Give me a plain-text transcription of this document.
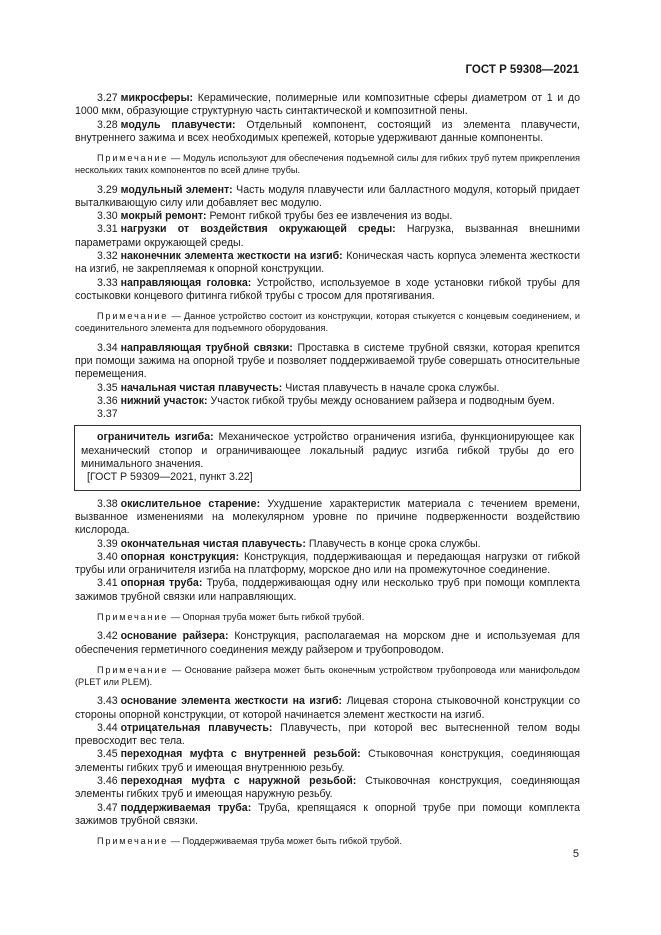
ГОСТ Р 59308—2021

3.27 микросферы: Керамические, полимерные или композитные сферы диаметром от 1 и до 1000 мкм, образующие структурную часть синтактической и композитной пены.

3.28 модуль плавучести: Отдельный компонент, состоящий из элемента плавучести, внутреннего зажима и всех необходимых крепежей, которые удерживают данные компоненты.

Примечание — Модуль используют для обеспечения подъемной силы для гибких труб путем прикрепления нескольких таких компонентов по всей длине трубы.

3.29 модульный элемент: Часть модуля плавучести или балластного модуля, который придает выталкивающую силу или добавляет вес модулю.

3.30 мокрый ремонт: Ремонт гибкой трубы без ее извлечения из воды.

3.31 нагрузки от воздействия окружающей среды: Нагрузка, вызванная внешними параметрами окружающей среды.

3.32 наконечник элемента жесткости на изгиб: Коническая часть корпуса элемента жесткости на изгиб, не закрепляемая к опорной конструкции.

3.33 направляющая головка: Устройство, используемое в ходе установки гибкой трубы для состыковки концевого фитинга гибкой трубы с тросом для протягивания.

Примечание — Данное устройство состоит из конструкции, которая стыкуется с концевым соединением, и соединительного элемента для подъемного оборудования.

3.34 направляющая трубной связки: Проставка в системе трубной связки, которая крепится при помощи зажима на опорной трубе и позволяет поддерживаемой трубе совершать относительные перемещения.

3.35 начальная чистая плавучесть: Чистая плавучесть в начале срока службы.

3.36 нижний участок: Участок гибкой трубы между основанием райзера и подводным буем.

3.37

ограничитель изгиба: Механическое устройство ограничения изгиба, функционирующее как механический стопор и ограничивающее локальный радиус изгиба гибкой трубы до его минимального значения.

[ГОСТ Р 59309—2021, пункт 3.22]

3.38 окислительное старение: Ухудшение характеристик материала с течением времени, вызванное изменениями на молекулярном уровне по причине подверженности воздействию кислорода.

3.39 окончательная чистая плавучесть: Плавучесть в конце срока службы.

3.40 опорная конструкция: Конструкция, поддерживающая и передающая нагрузки от гибкой трубы или ограничителя изгиба на платформу, морское дно или на промежуточное соединение.

3.41 опорная труба: Труба, поддерживающая одну или несколько труб при помощи комплекта зажимов трубной связки или направляющих.

Примечание — Опорная труба может быть гибкой трубой.

3.42 основание райзера: Конструкция, располагаемая на морском дне и используемая для обеспечения герметичного соединения между райзером и трубопроводом.

Примечание — Основание райзера может быть оконечным устройством трубопровода или манифольдом (PLET или PLEM).

3.43 основание элемента жесткости на изгиб: Лицевая сторона стыковочной конструкции со стороны опорной конструкции, от которой начинается элемент жесткости на изгиб.

3.44 отрицательная плавучесть: Плавучесть, при которой вес вытесненной телом воды превосходит вес тела.

3.45 переходная муфта с внутренней резьбой: Стыковочная конструкция, соединяющая элементы гибких труб и имеющая внутреннюю резьбу.

3.46 переходная муфта с наружной резьбой: Стыковочная конструкция, соединяющая элементы гибких труб и имеющая наружную резьбу.

3.47 поддерживаемая труба: Труба, крепящаяся к опорной трубе при помощи комплекта зажимов трубной связки.

Примечание — Поддерживаемая труба может быть гибкой трубой.

5
